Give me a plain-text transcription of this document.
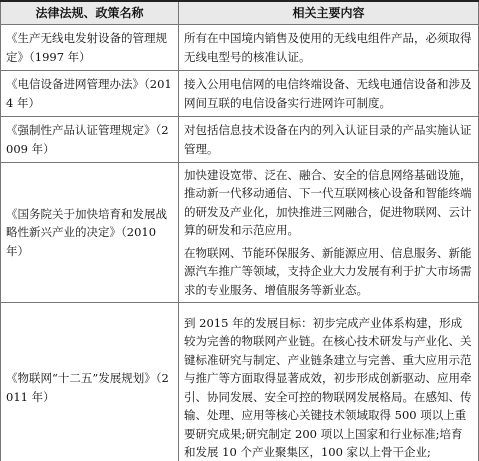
法律法规、政策名称	相关主要内容
《生产无线电发射设备的管理规定》（1997 年）	所有在中国境内销售及使用的无线电组件产品，必须取得无线电型号的核准认证。

《电信设备进网管理办法》（2014 年）	接入公用电信网的电信终端设备、无线电通信设备和涉及网间互联的电信设备实行进网许可制度。

《强制性产品认证管理规定》（2009 年）	对包括信息技术设备在内的列入认证目录的产品实施认证管理。

《国务院关于加快培育和发展战略性新兴产业的决定》（2010 年）	加快建设宽带、泛在、融合、安全的信息网络基础设施，推动新一代移动通信、下一代互联网核心设备和智能终端的研发及产业化，加快推进三网融合，促进物联网、云计算的研发和示范应用。

在物联网、节能环保服务、新能源应用、信息服务、新能源汽车推广等领域，支持企业大力发展有利于扩大市场需求的专业服务、增值服务等新业态。

《物联网“十二五”发展规划》（2011 年）	到 2015 年的发展目标：初步完成产业体系构建，形成较为完善的物联网产业链。在核心技术研发与产业化、关键标准研究与制定、产业链条建立与完善、重大应用示范与推广等方面取得显著成效，初步形成创新驱动、应用牵引、协同发展、安全可控的物联网发展格局。在感知、传输、处理、应用等核心关键技术领域取得 500 项以上重要研究成果;研究制定 200 项以上国家和行业标准;培育和发展 10 个产业聚集区，100 家以上骨干企业;
